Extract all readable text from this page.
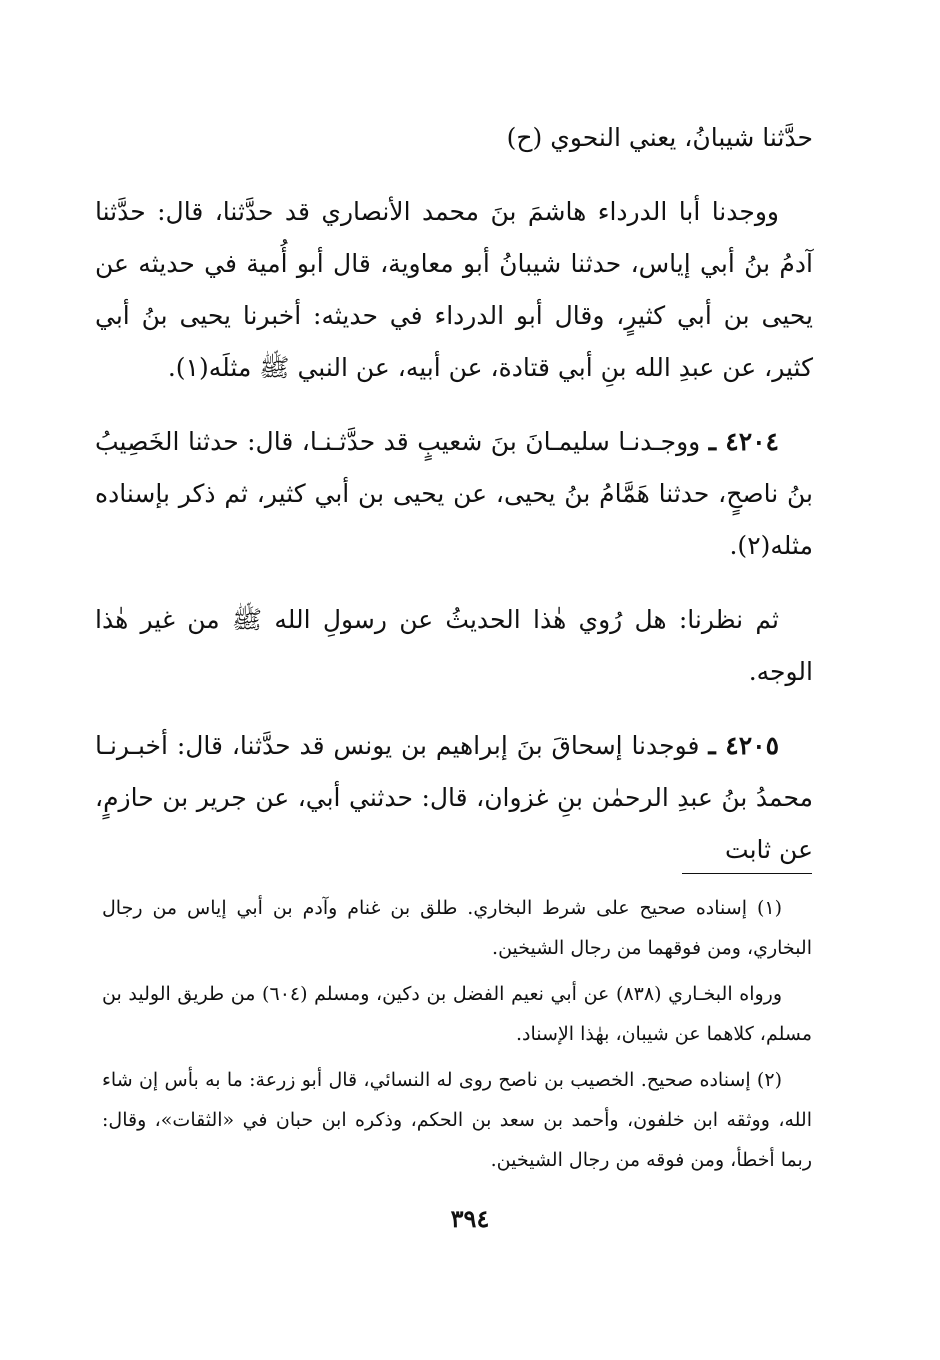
حدَّثنا شيبانُ، يعني النحوي (ح)

ووجدنا أبا الدرداء هاشمَ بنَ محمد الأنصاري قد حدَّثنا، قال: حدَّثنا آدمُ بنُ أبي إياس، حدثنا شيبانُ أبو معاوية، قال أبو أُمية في حديثه عن يحيى بن أبي كثيرٍ، وقال أبو الدرداء في حديثه: أخبرنا يحيى بنُ أبي كثير، عن عبدِ الله بنِ أبي قتادة، عن أبيه، عن النبي ﷺ مثلَه(١).

٤٢٠٤ ـ ووجـدنـا سليمـانَ بنَ شعيبٍ قد حدَّثـنـا، قال: حدثنا الخَصِيبُ بنُ ناصحٍ، حدثنا هَمَّامُ بنُ يحيى، عن يحيى بن أبي كثير، ثم ذكر بإسناده مثله(٢).

ثم نظرنا: هل رُوي هٰذا الحديثُ عن رسولِ الله ﷺ من غير هٰذا الوجه.

٤٢٠٥ ـ فوجدنا إسحاقَ بنَ إبراهيم بن يونس قد حدَّثنا، قال: أخبـرنـا محمدُ بنُ عبدِ الرحمٰن بنِ غزوان، قال: حدثني أبي، عن جرير بن حازمٍ، عن ثابت

(١) إسناده صحيح على شرط البخاري. طلق بن غنام وآدم بن أبي إياس من رجال البخاري، ومن فوقهما من رجال الشيخين.

ورواه البخـاري (٨٣٨) عن أبي نعيم الفضل بن دكين، ومسلم (٦٠٤) من طريق الوليد بن مسلم، كلاهما عن شيبان، بهٰذا الإسناد.

(٢) إسناده صحيح. الخصيب بن ناصح روى له النسائي، قال أبو زرعة: ما به بأس إن شاء الله، ووثقه ابن خلفون، وأحمد بن سعد بن الحكم، وذكره ابن حبان في «الثقات»، وقال: ربما أخطأ، ومن فوقه من رجال الشيخين.

٣٩٤
